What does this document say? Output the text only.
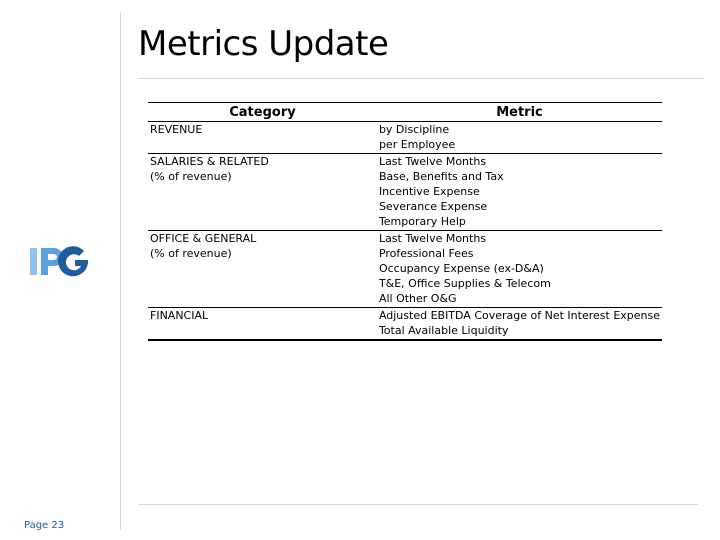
Metrics Update
Category	Metric

REVENUE	by Discipline
per Employee

SALARIES & RELATED
(% of revenue)	Last Twelve Months
Base, Benefits and Tax
Incentive Expense
Severance Expense
Temporary Help

OFFICE & GENERAL
(% of revenue)	Last Twelve Months
Professional Fees
Occupancy Expense (ex-D&A)
T&E, Office Supplies & Telecom
All Other O&G

FINANCIAL	Adjusted EBITDA Coverage of Net Interest Expense
Total Available Liquidity
Page 23
